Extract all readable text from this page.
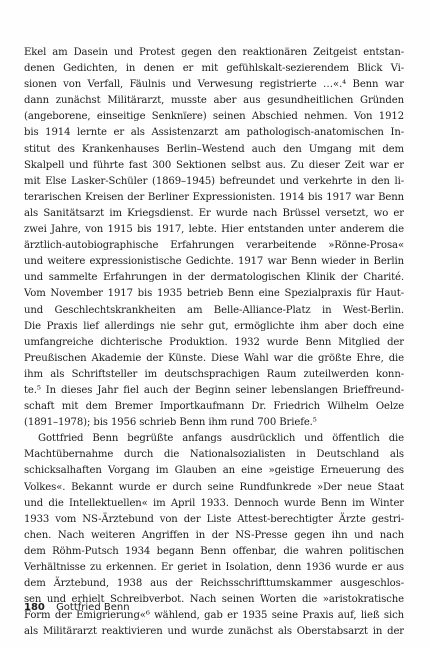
Ekel am Dasein und Protest gegen den reaktionären Zeitgeist entstan-
denen Gedichten, in denen er mit gefühlskalt-sezierendem Blick Vi-
sionen von Verfall, Fäulnis und Verwesung registrierte …«.⁴ Benn war
dann zunächst Militärarzt, musste aber aus gesundheitlichen Gründen
(angeborene, einseitige Senknïere) seinen Abschied nehmen. Von 1912
bis 1914 lernte er als Assistenzarzt am pathologisch-anatomischen In-
stitut des Krankenhauses Berlin–Westend auch den Umgang mit dem
Skalpell und führte fast 300 Sektionen selbst aus. Zu dieser Zeit war er
mit Else Lasker-Schüler (1869–1945) befreundet und verkehrte in den li-
terarischen Kreisen der Berliner Expressionisten. 1914 bis 1917 war Benn
als Sanitätsarzt im Kriegsdienst. Er wurde nach Brüssel versetzt, wo er
zwei Jahre, von 1915 bis 1917, lebte. Hier entstanden unter anderem die
ärztlich-autobiographische Erfahrungen verarbeitende »Rönne-Prosa«
und weitere expressionistische Gedichte. 1917 war Benn wieder in Berlin
und sammelte Erfahrungen in der dermatologischen Klinik der Charité.
Vom November 1917 bis 1935 betrieb Benn eine Spezialpraxis für Haut-
und Geschlechtskrankheiten am Belle-Alliance-Platz in West-Berlin.
Die Praxis lief allerdings nie sehr gut, ermöglichte ihm aber doch eine
umfangreiche dichterische Produktion. 1932 wurde Benn Mitglied der
Preußischen Akademie der Künste. Diese Wahl war die größte Ehre, die
ihm als Schriftsteller im deutschsprachigen Raum zuteilwerden konn-
te.⁵ In dieses Jahr fiel auch der Beginn seiner lebenslangen Brieffreund-
schaft mit dem Bremer Importkaufmann Dr. Friedrich Wilhelm Oelze
(1891–1978); bis 1956 schrieb Benn ihm rund 700 Briefe.⁵
Gottfried Benn begrüßte anfangs ausdrücklich und öffentlich die
Machtübernahme durch die Nationalsozialisten in Deutschland als
schicksalhaften Vorgang im Glauben an eine »geistige Erneuerung des
Volkes«. Bekannt wurde er durch seine Rundfunkrede »Der neue Staat
und die Intellektuellen« im April 1933. Dennoch wurde Benn im Winter
1933 vom NS-Ärztebund von der Liste Attest-berechtigter Ärzte gestri-
chen. Nach weiteren Angriffen in der NS-Presse gegen ihn und nach
dem Röhm-Putsch 1934 begann Benn offenbar, die wahren politischen
Verhältnisse zu erkennen. Er geriet in Isolation, denn 1936 wurde er aus
dem Ärztebund, 1938 aus der Reichsschrifttumskammer ausgeschlos-
sen und erhielt Schreibverbot. Nach seinen Worten die »aristokratische
Form der Emigrierung«⁶ wählend, gab er 1935 seine Praxis auf, ließ sich
als Militärarzt reaktivieren und wurde zunächst als Oberstabsarzt in der
180 Gottfried Benn
